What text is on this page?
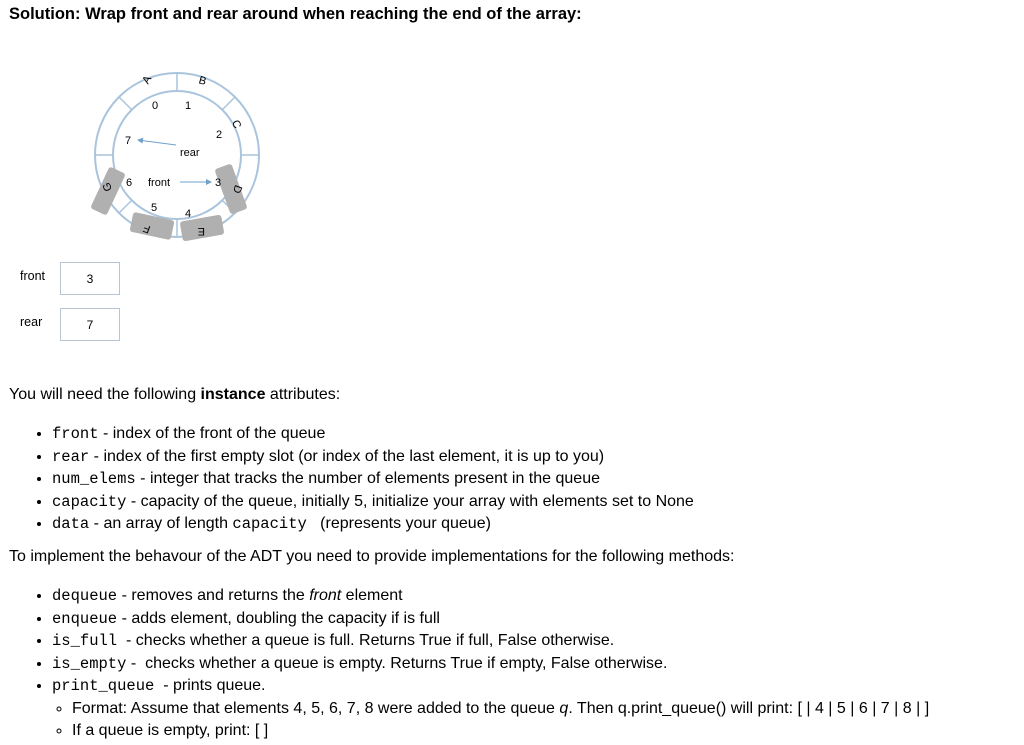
Solution: Wrap front and rear around when reaching the end of the array:
A	B
C
D
E
F
G
0 1
2
3
4
5
6
7
rear
front
front	3
rear	7

You will need the following instance attributes:

• front - index of the front of the queue
• rear - index of the first empty slot (or index of the last element, it is up to you)
• num_elems - integer that tracks the number of elements present in the queue
• capacity - capacity of the queue, initially 5, initialize your array with elements set to None
• data - an array of length capacity   (represents your queue)

To implement the behavour of the ADT you need to provide implementations for the following methods:

• dequeue - removes and returns the front element
• enqueue - adds element, doubling the capacity if is full
• is_full  - checks whether a queue is full. Returns True if full, False otherwise.
• is_empty -  checks whether a queue is empty. Returns True if empty, False otherwise.
• print_queue  - prints queue.
◦ Format: Assume that elements 4, 5, 6, 7, 8 were added to the queue q. Then q.print_queue() will print: [ | 4 | 5 | 6 | 7 | 8 | ]
◦ If a queue is empty, print: [ ]
